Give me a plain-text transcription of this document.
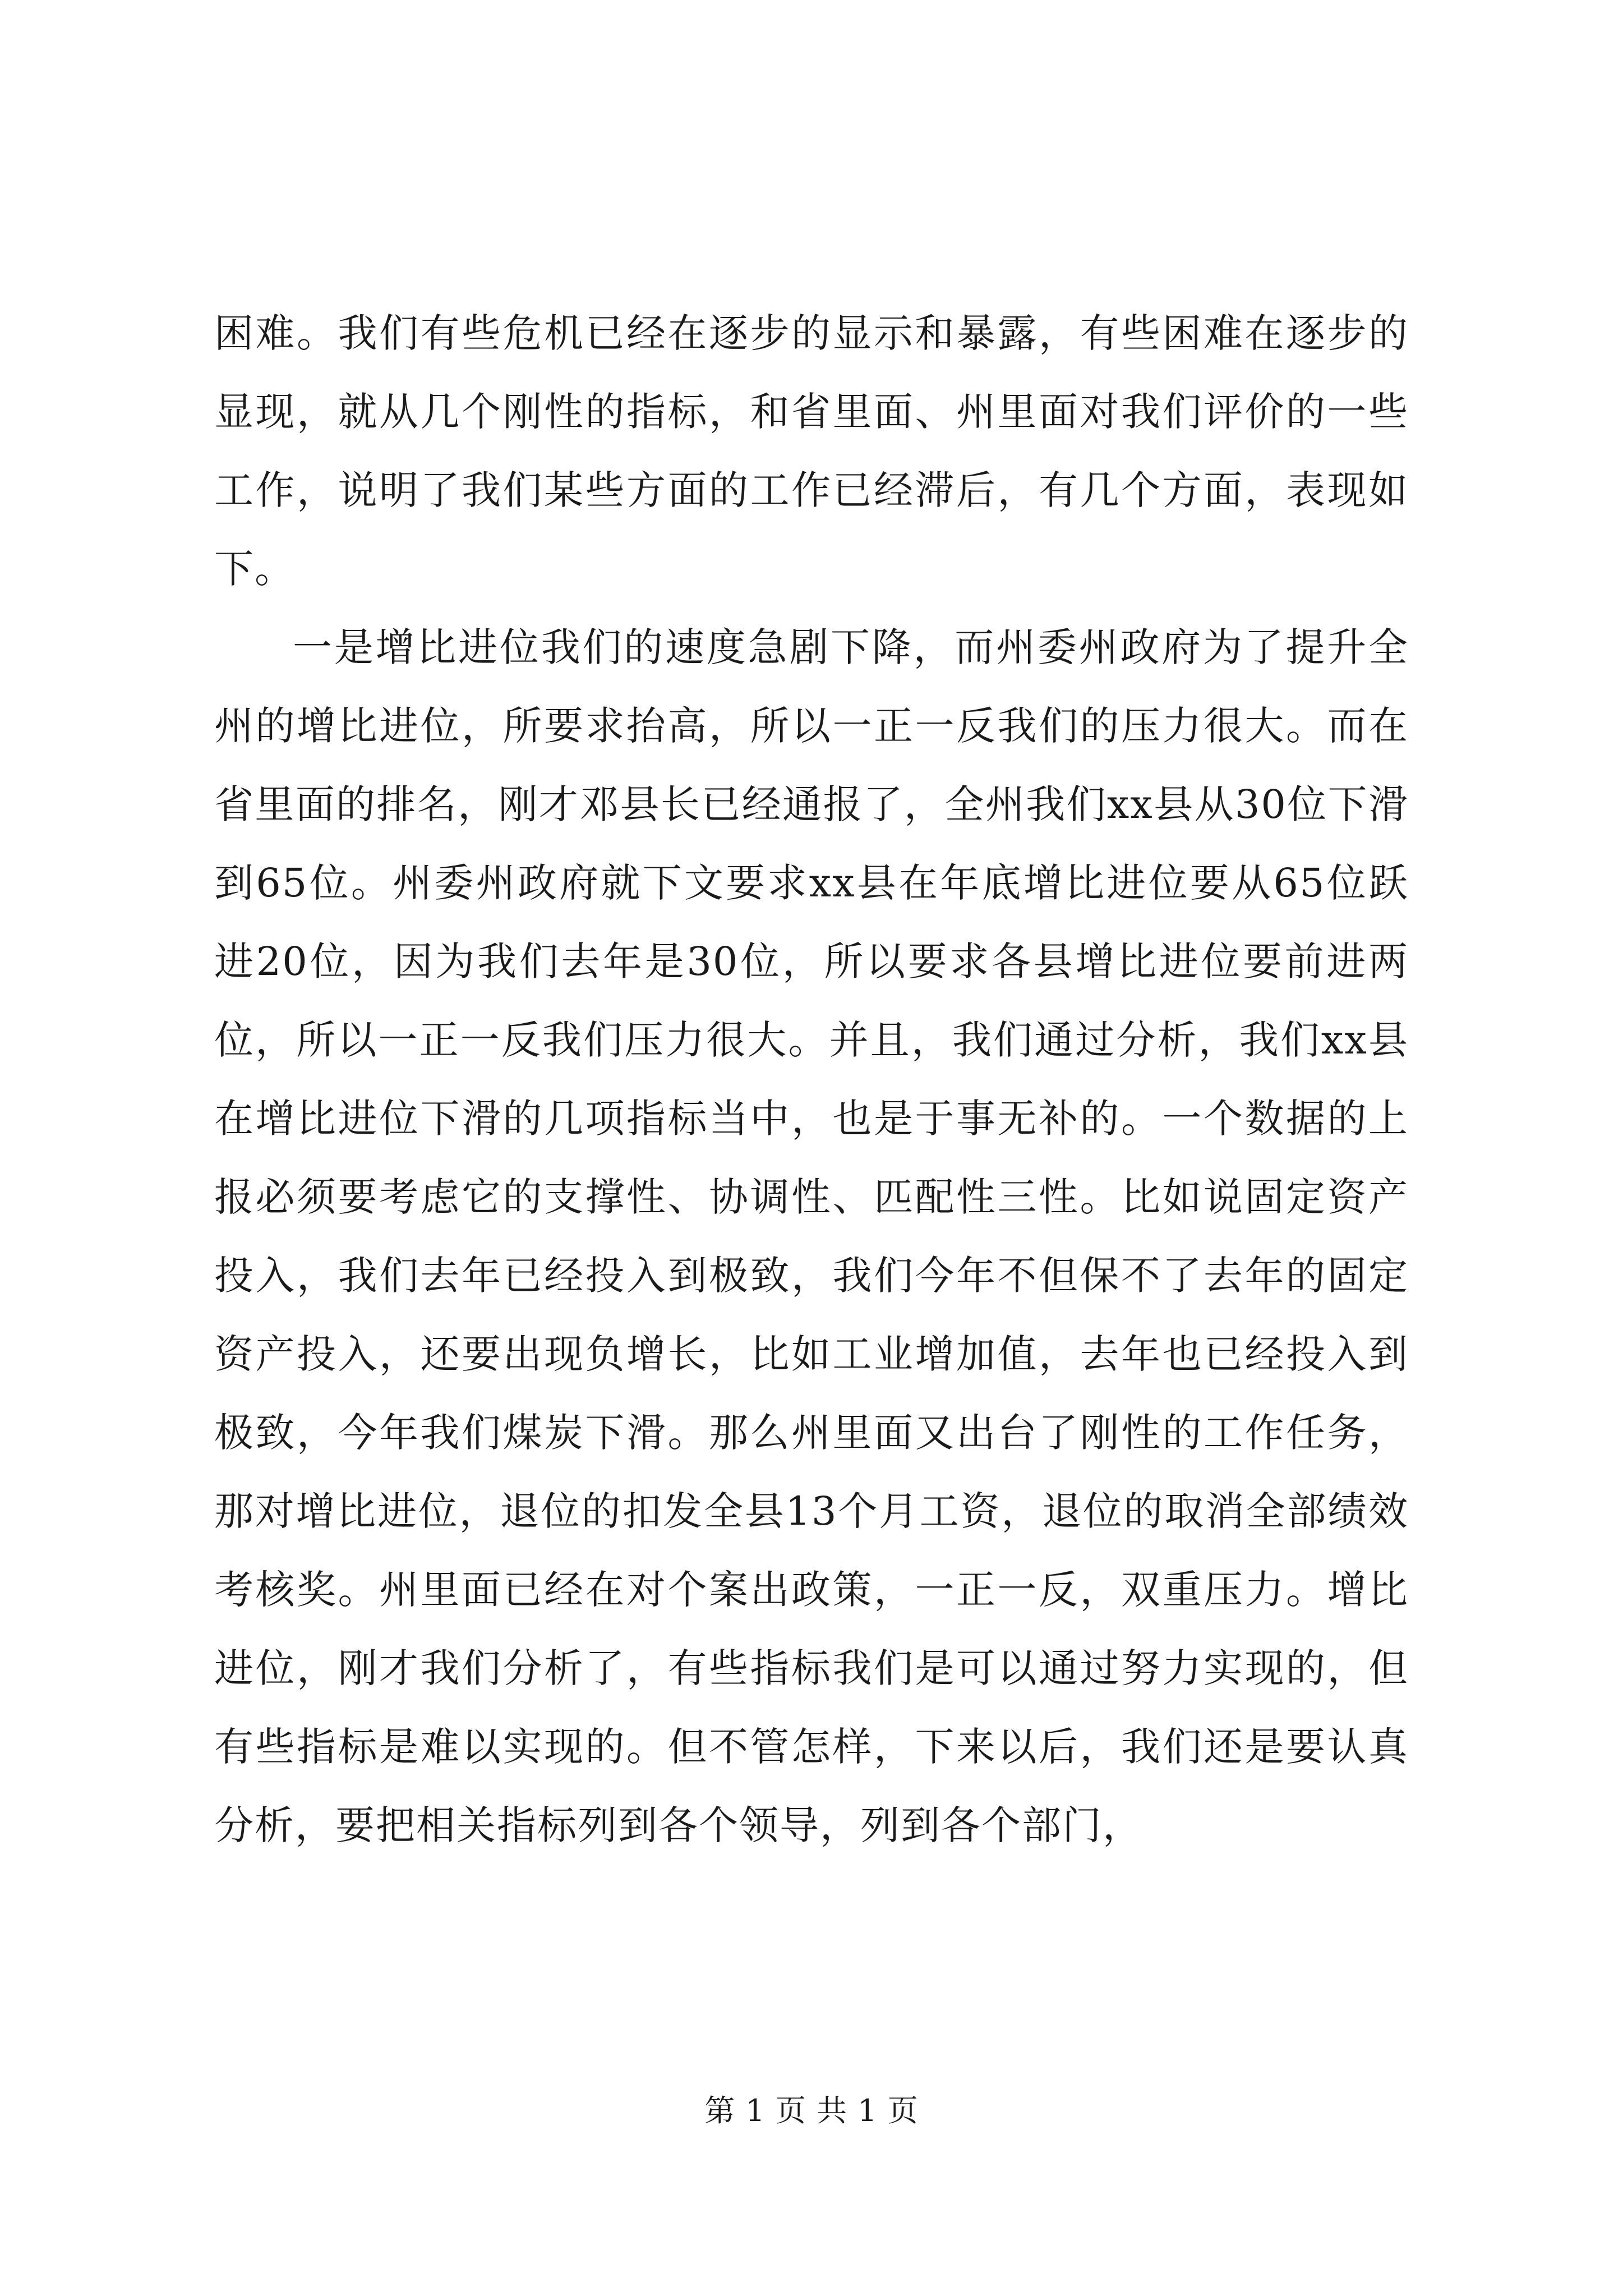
困难。我们有些危机已经在逐步的显示和暴露，有些困难在逐步的显现，就从几个刚性的指标，和省里面、州里面对我们评价的一些工作，说明了我们某些方面的工作已经滞后，有几个方面，表现如下。

一是增比进位我们的速度急剧下降，而州委州政府为了提升全州的增比进位，所要求抬高，所以一正一反我们的压力很大。而在省里面的排名，刚才邓县长已经通报了，全州我们xx县从30位下滑到65位。州委州政府就下文要求xx县在年底增比进位要从65位跃进20位，因为我们去年是30位，所以要求各县增比进位要前进两位，所以一正一反我们压力很大。并且，我们通过分析，我们xx县在增比进位下滑的几项指标当中，也是于事无补的。一个数据的上报必须要考虑它的支撑性、协调性、匹配性三性。比如说固定资产投入，我们去年已经投入到极致，我们今年不但保不了去年的固定资产投入，还要出现负增长，比如工业增加值，去年也已经投入到极致，今年我们煤炭下滑。那么州里面又出台了刚性的工作任务，那对增比进位，退位的扣发全县13个月工资，退位的取消全部绩效考核奖。州里面已经在对个案出政策，一正一反，双重压力。增比进位，刚才我们分析了，有些指标我们是可以通过努力实现的，但有些指标是难以实现的。但不管怎样，下来以后，我们还是要认真分析，要把相关指标列到各个领导，列到各个部门，

第 1 页 共 1 页
